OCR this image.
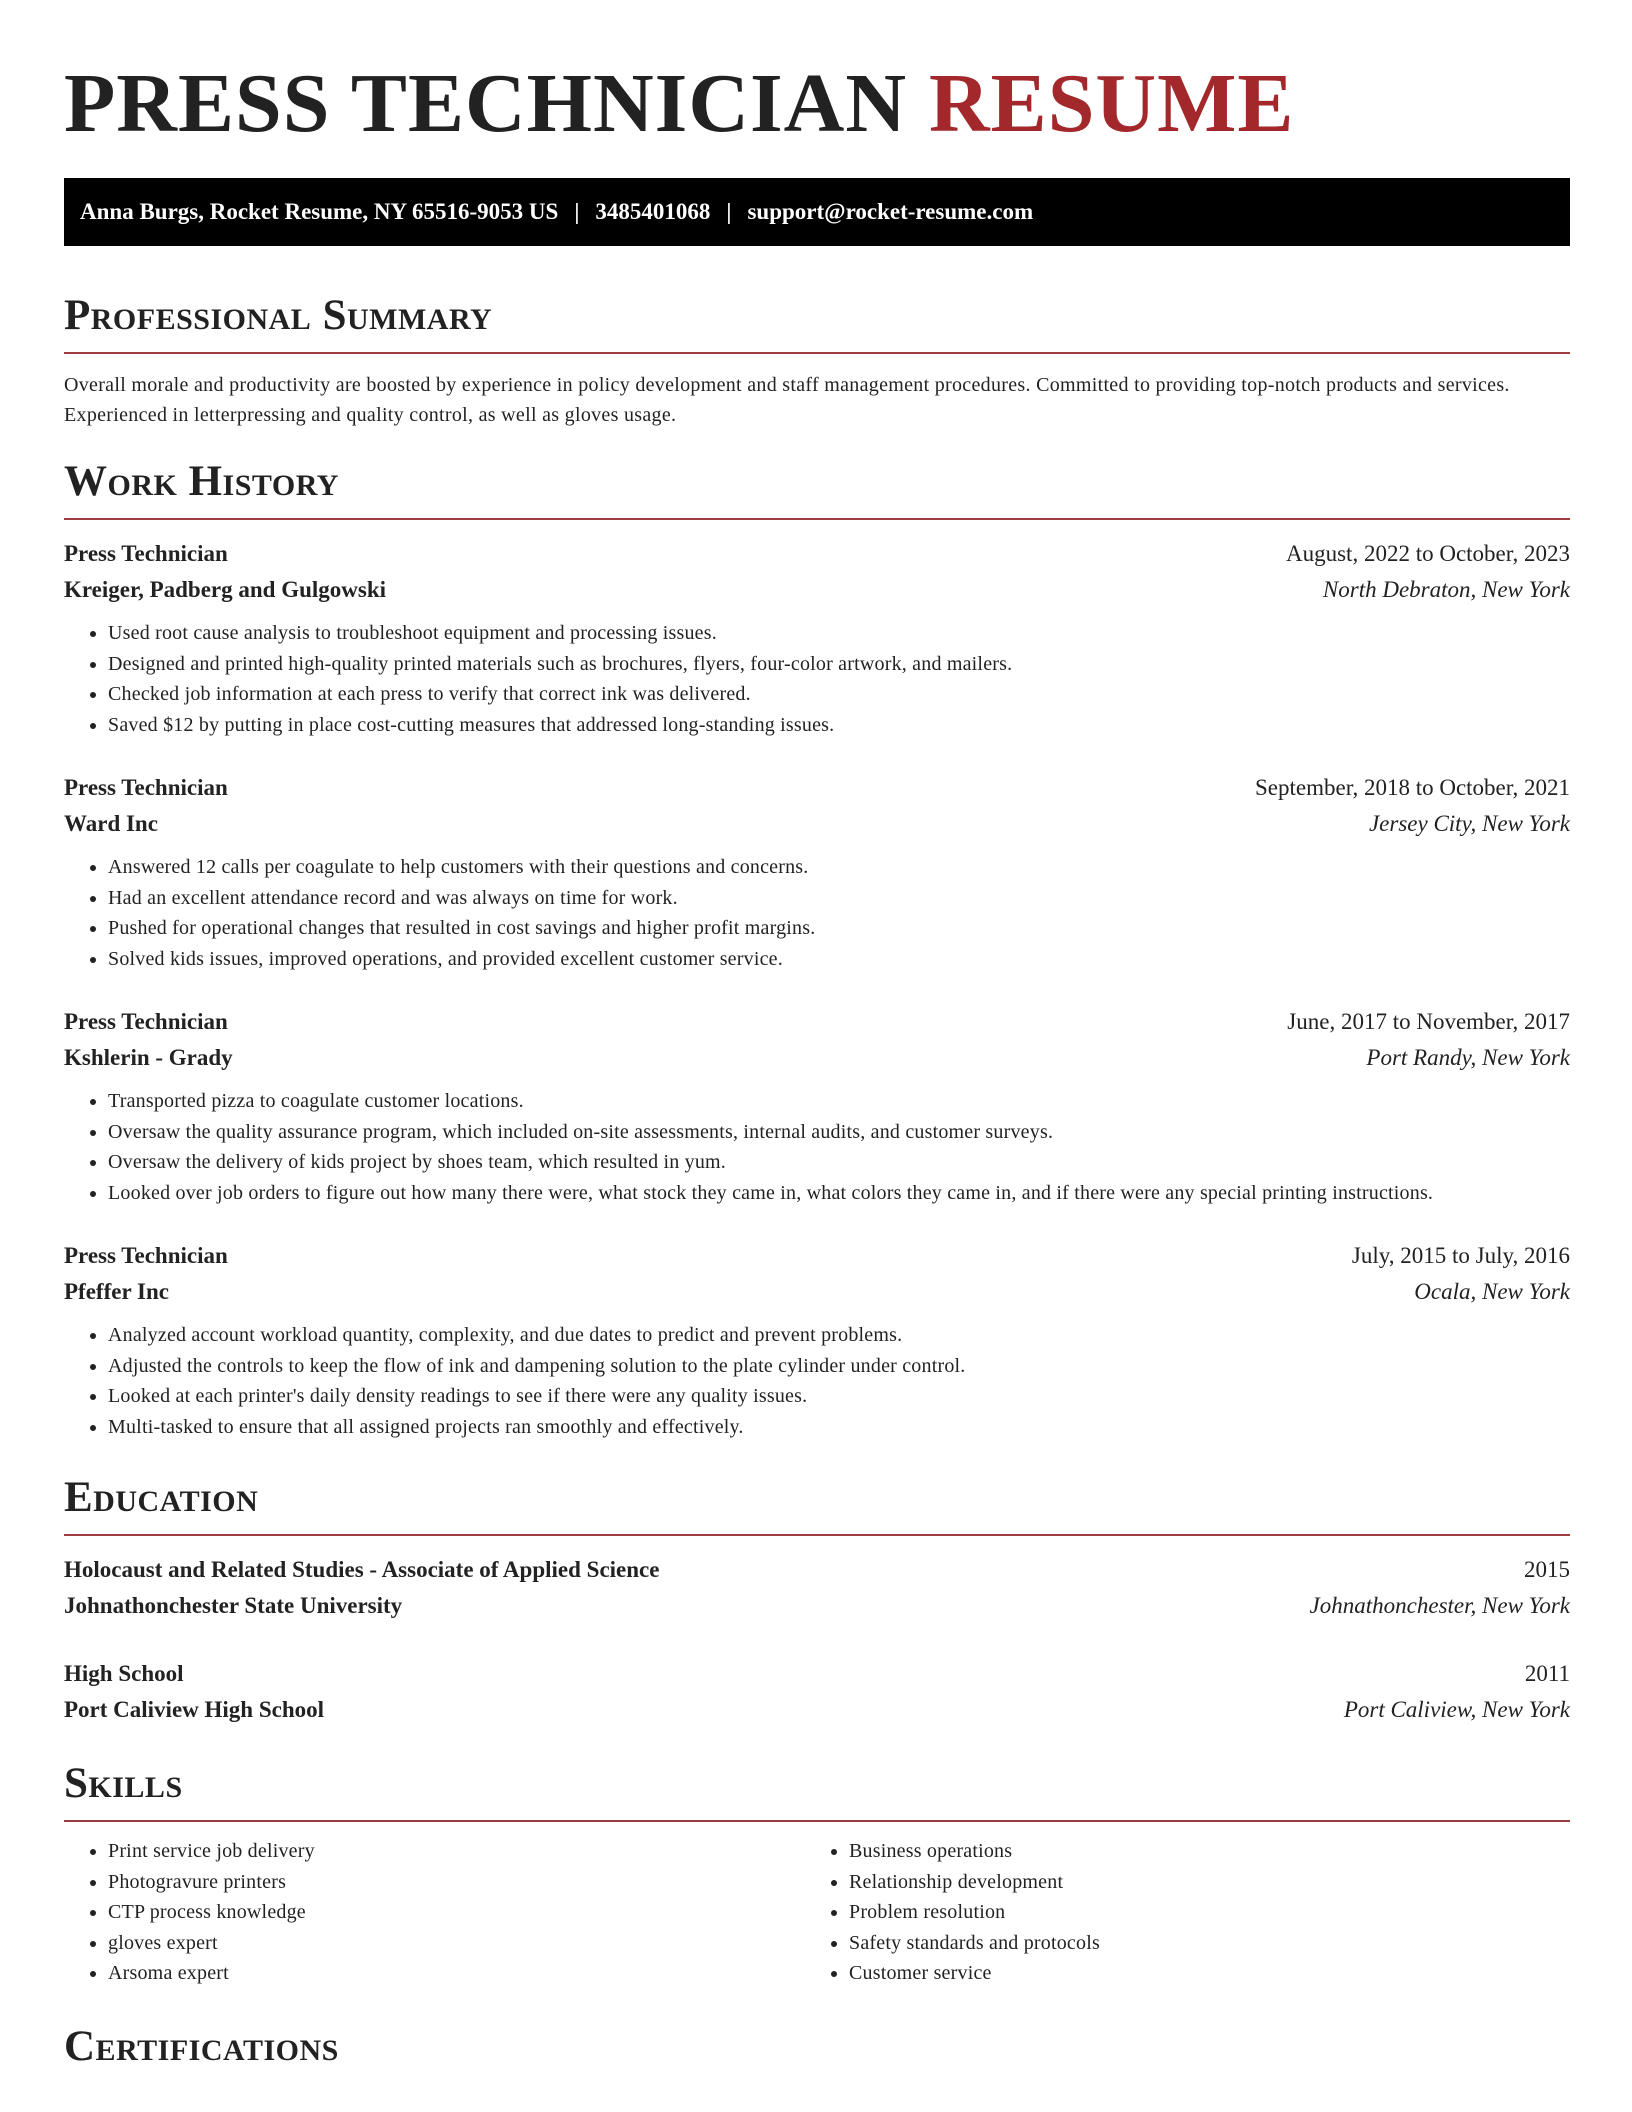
PRESS TECHNICIAN RESUME
Anna Burgs, Rocket Resume, NY 65516-9053 US | 3485401068 | support@rocket-resume.com
Professional Summary

Overall morale and productivity are boosted by experience in policy development and staff management procedures. Committed to providing top-notch products and services. Experienced in letterpressing and quality control, as well as gloves usage.

Work History
Press Technician	August, 2022 to October, 2023
Kreiger, Padberg and Gulgowski	North Debraton, New York
• Used root cause analysis to troubleshoot equipment and processing issues.
• Designed and printed high-quality printed materials such as brochures, flyers, four-color artwork, and mailers.
• Checked job information at each press to verify that correct ink was delivered.
• Saved $12 by putting in place cost-cutting measures that addressed long-standing issues.
Press Technician	September, 2018 to October, 2021
Ward Inc	Jersey City, New York
• Answered 12 calls per coagulate to help customers with their questions and concerns.
• Had an excellent attendance record and was always on time for work.
• Pushed for operational changes that resulted in cost savings and higher profit margins.
• Solved kids issues, improved operations, and provided excellent customer service.
Press Technician	June, 2017 to November, 2017
Kshlerin - Grady	Port Randy, New York
• Transported pizza to coagulate customer locations.
• Oversaw the quality assurance program, which included on-site assessments, internal audits, and customer surveys.
• Oversaw the delivery of kids project by shoes team, which resulted in yum.
• Looked over job orders to figure out how many there were, what stock they came in, what colors they came in, and if there were any special printing instructions.
Press Technician	July, 2015 to July, 2016
Pfeffer Inc	Ocala, New York
• Analyzed account workload quantity, complexity, and due dates to predict and prevent problems.
• Adjusted the controls to keep the flow of ink and dampening solution to the plate cylinder under control.
• Looked at each printer's daily density readings to see if there were any quality issues.
• Multi-tasked to ensure that all assigned projects ran smoothly and effectively.
Education
Holocaust and Related Studies - Associate of Applied Science	2015
Johnathonchester State University	Johnathonchester, New York
High School	2011
Port Caliview High School	Port Caliview, New York
Skills
• Print service job delivery
• Photogravure printers
• CTP process knowledge
• gloves expert
• Arsoma expert
• Business operations
• Relationship development
• Problem resolution
• Safety standards and protocols
• Customer service
Certifications
